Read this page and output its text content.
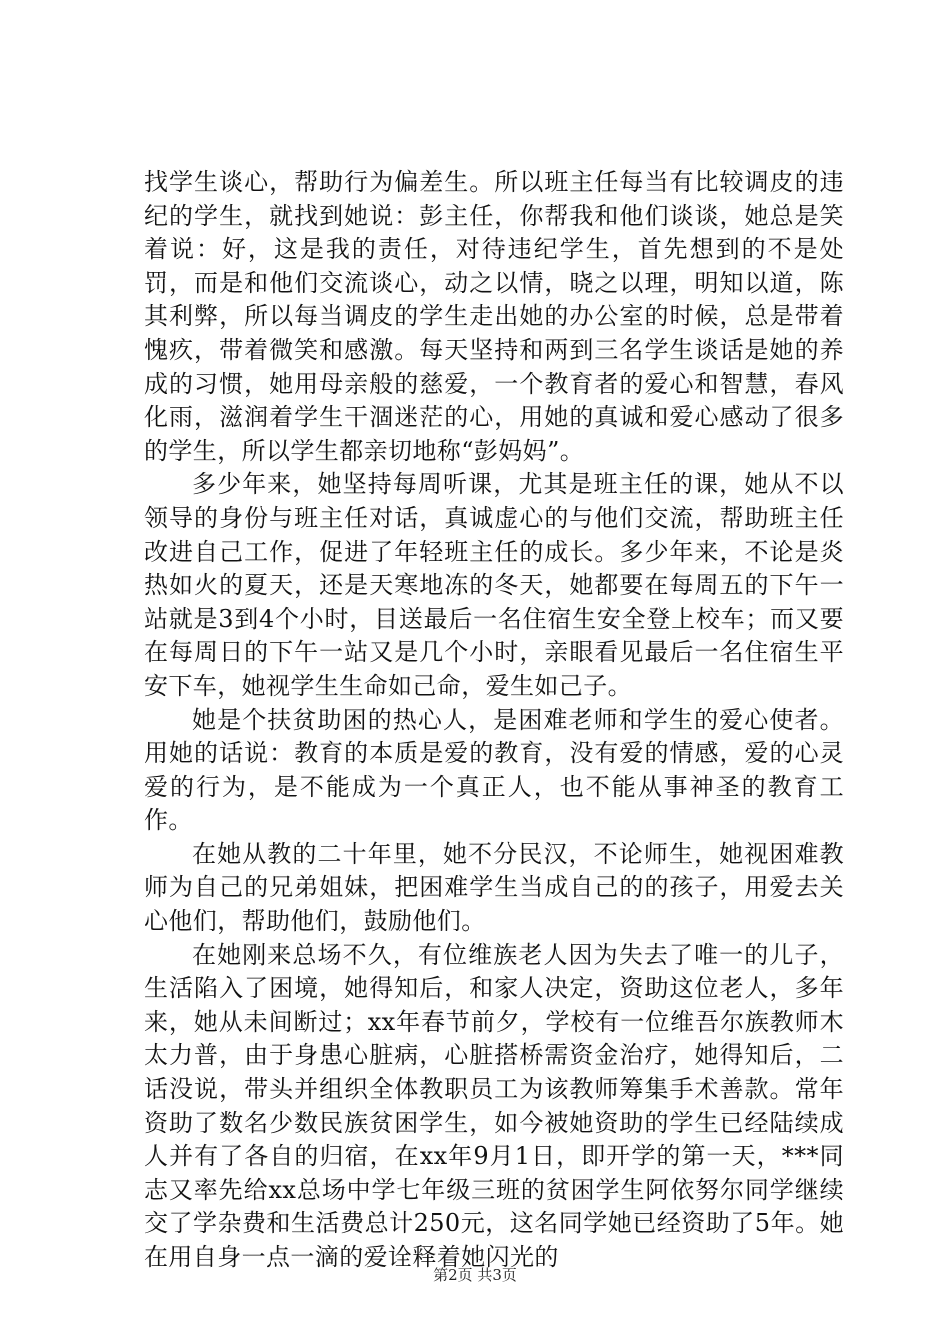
找学生谈心，帮助行为偏差生。所以班主任每当有比较调皮的违纪的学生，就找到她说：彭主任，你帮我和他们谈谈，她总是笑着说：好，这是我的责任，对待违纪学生，首先想到的不是处罚，而是和他们交流谈心，动之以情，晓之以理，明知以道，陈其利弊，所以每当调皮的学生走出她的办公室的时候，总是带着愧疚，带着微笑和感激。每天坚持和两到三名学生谈话是她的养成的习惯，她用母亲般的慈爱，一个教育者的爱心和智慧，春风化雨，滋润着学生干涸迷茫的心，用她的真诚和爱心感动了很多的学生，所以学生都亲切地称“彭妈妈”。

多少年来，她坚持每周听课，尤其是班主任的课，她从不以领导的身份与班主任对话，真诚虚心的与他们交流，帮助班主任改进自己工作，促进了年轻班主任的成长。多少年来，不论是炎热如火的夏天，还是天寒地冻的冬天，她都要在每周五的下午一站就是3到4个小时，目送最后一名住宿生安全登上校车；而又要在每周日的下午一站又是几个小时，亲眼看见最后一名住宿生平安下车，她视学生生命如己命，爱生如己子。

她是个扶贫助困的热心人，是困难老师和学生的爱心使者。用她的话说：教育的本质是爱的教育，没有爱的情感，爱的心灵爱的行为，是不能成为一个真正人，也不能从事神圣的教育工作。

在她从教的二十年里，她不分民汉，不论师生，她视困难教师为自己的兄弟姐妹，把困难学生当成自己的的孩子，用爱去关心他们，帮助他们，鼓励他们。

在她刚来总场不久，有位维族老人因为失去了唯一的儿子，生活陷入了困境，她得知后，和家人决定，资助这位老人，多年来，她从未间断过；xx年春节前夕，学校有一位维吾尔族教师木太力普，由于身患心脏病，心脏搭桥需资金治疗，她得知后，二话没说，带头并组织全体教职员工为该教师筹集手术善款。常年资助了数名少数民族贫困学生，如今被她资助的学生已经陆续成人并有了各自的归宿，在xx年9月1日，即开学的第一天，***同志又率先给xx总场中学七年级三班的贫困学生阿依努尔同学继续交了学杂费和生活费总计250元，这名同学她已经资助了5年。她在用自身一点一滴的爱诠释着她闪光的

第2页 共3页
